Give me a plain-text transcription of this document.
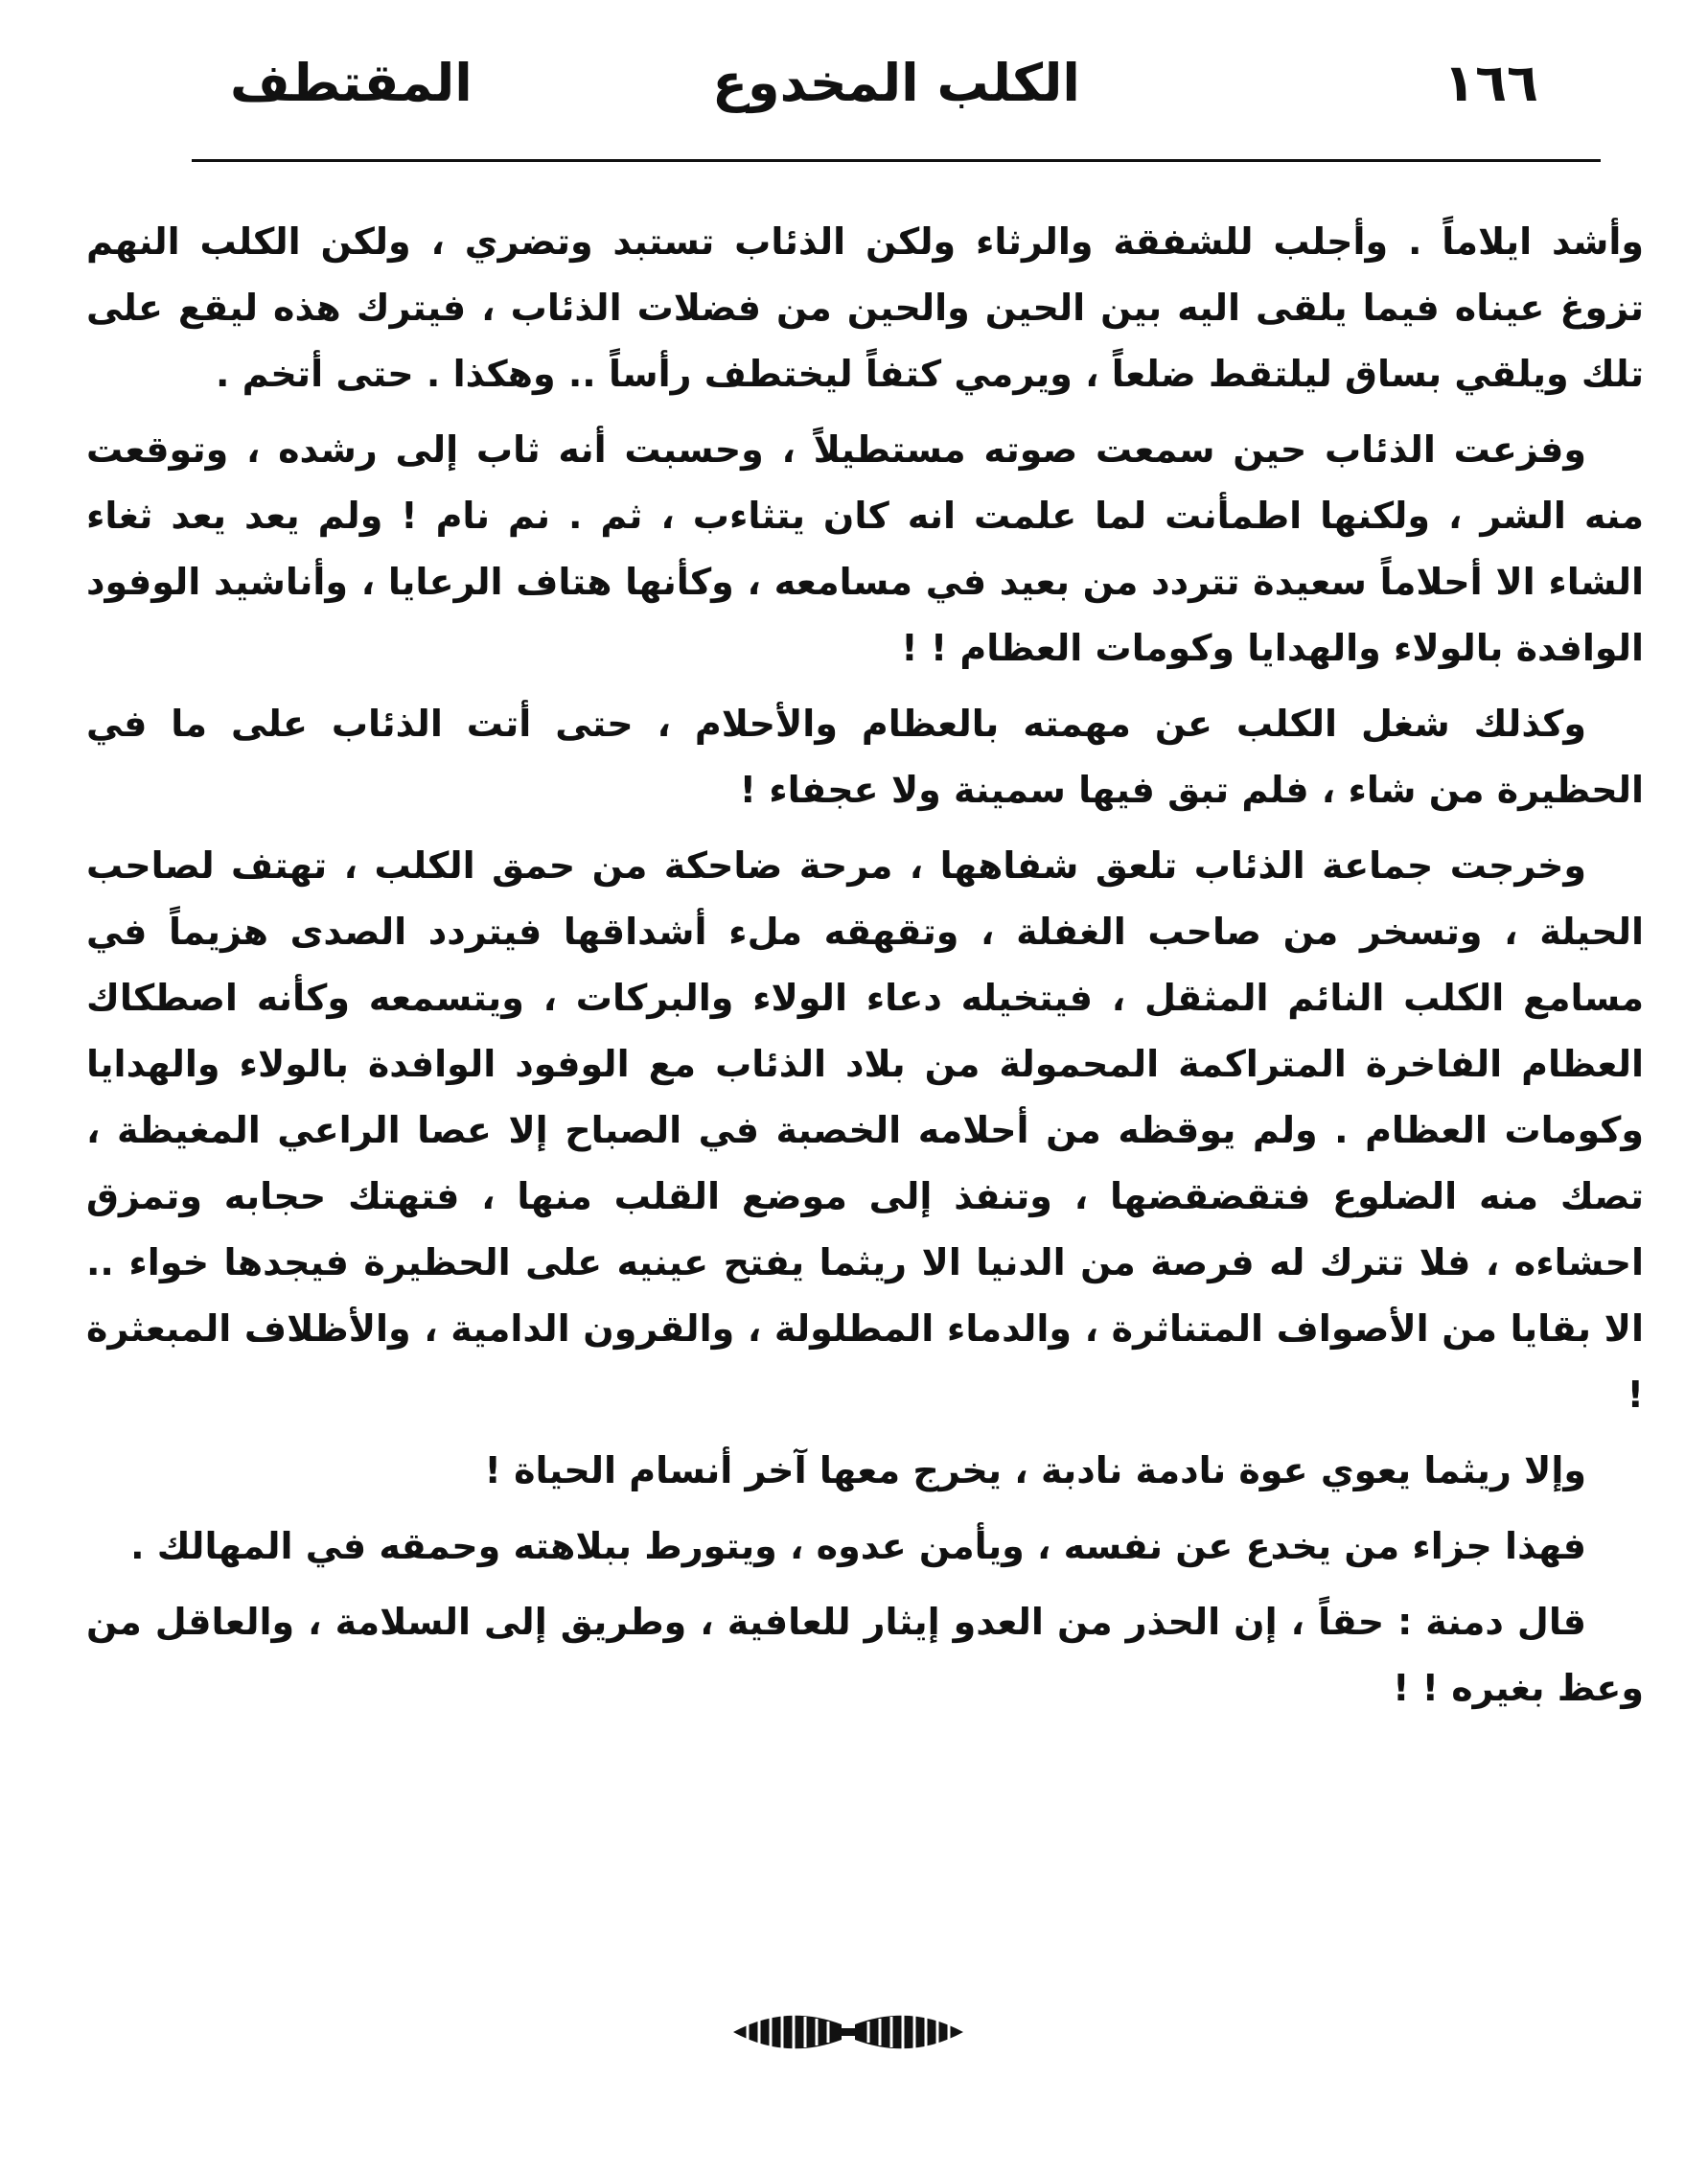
١٦٦
الكلب المخدوع
المقتطف

وأشد ايلاماً . وأجلب للشفقة والرثاء ولكن الذئاب تستبد وتضري ، ولكن الكلب النهم تزوغ عيناه فيما يلقى اليه بين الحين والحين من فضلات الذئاب ، فيترك هذه ليقع على تلك ويلقي بساق ليلتقط ضلعاً ، ويرمي كتفاً ليختطف رأساً .. وهكذا . حتى أتخم .

وفزعت الذئاب حين سمعت صوته مستطيلاً ، وحسبت أنه ثاب إلى رشده ، وتوقعت منه الشر ، ولكنها اطمأنت لما علمت انه كان يتثاءب ، ثم . نم نام ! ولم يعد يعد ثغاء الشاء الا أحلاماً سعيدة تتردد من بعيد في مسامعه ، وكأنها هتاف الرعايا ، وأناشيد الوفود الوافدة بالولاء والهدايا وكومات العظام ! !

وكذلك شغل الكلب عن مهمته بالعظام والأحلام ، حتى أتت الذئاب على ما في الحظيرة من شاء ، فلم تبق فيها سمينة ولا عجفاء !

وخرجت جماعة الذئاب تلعق شفاهها ، مرحة ضاحكة من حمق الكلب ، تهتف لصاحب الحيلة ، وتسخر من صاحب الغفلة ، وتقهقه ملء أشداقها فيتردد الصدى هزيماً في مسامع الكلب النائم المثقل ، فيتخيله دعاء الولاء والبركات ، ويتسمعه وكأنه اصطكاك العظام الفاخرة المتراكمة المحمولة من بلاد الذئاب مع الوفود الوافدة بالولاء والهدايا وكومات العظام . ولم يوقظه من أحلامه الخصبة في الصباح إلا عصا الراعي المغيظة ، تصك منه الضلوع فتقضقضها ، وتنفذ إلى موضع القلب منها ، فتهتك حجابه وتمزق احشاءه ، فلا تترك له فرصة من الدنيا الا ريثما يفتح عينيه على الحظيرة فيجدها خواء .. الا بقايا من الأصواف المتناثرة ، والدماء المطلولة ، والقرون الدامية ، والأظلاف المبعثرة !

وإلا ريثما يعوي عوة نادمة نادبة ، يخرج معها آخر أنسام الحياة !

فهذا جزاء من يخدع عن نفسه ، ويأمن عدوه ، ويتورط ببلاهته وحمقه في المهالك .

قال دمنة : حقاً ، إن الحذر من العدو إيثار للعافية ، وطريق إلى السلامة ، والعاقل من وعظ بغيره ! !
